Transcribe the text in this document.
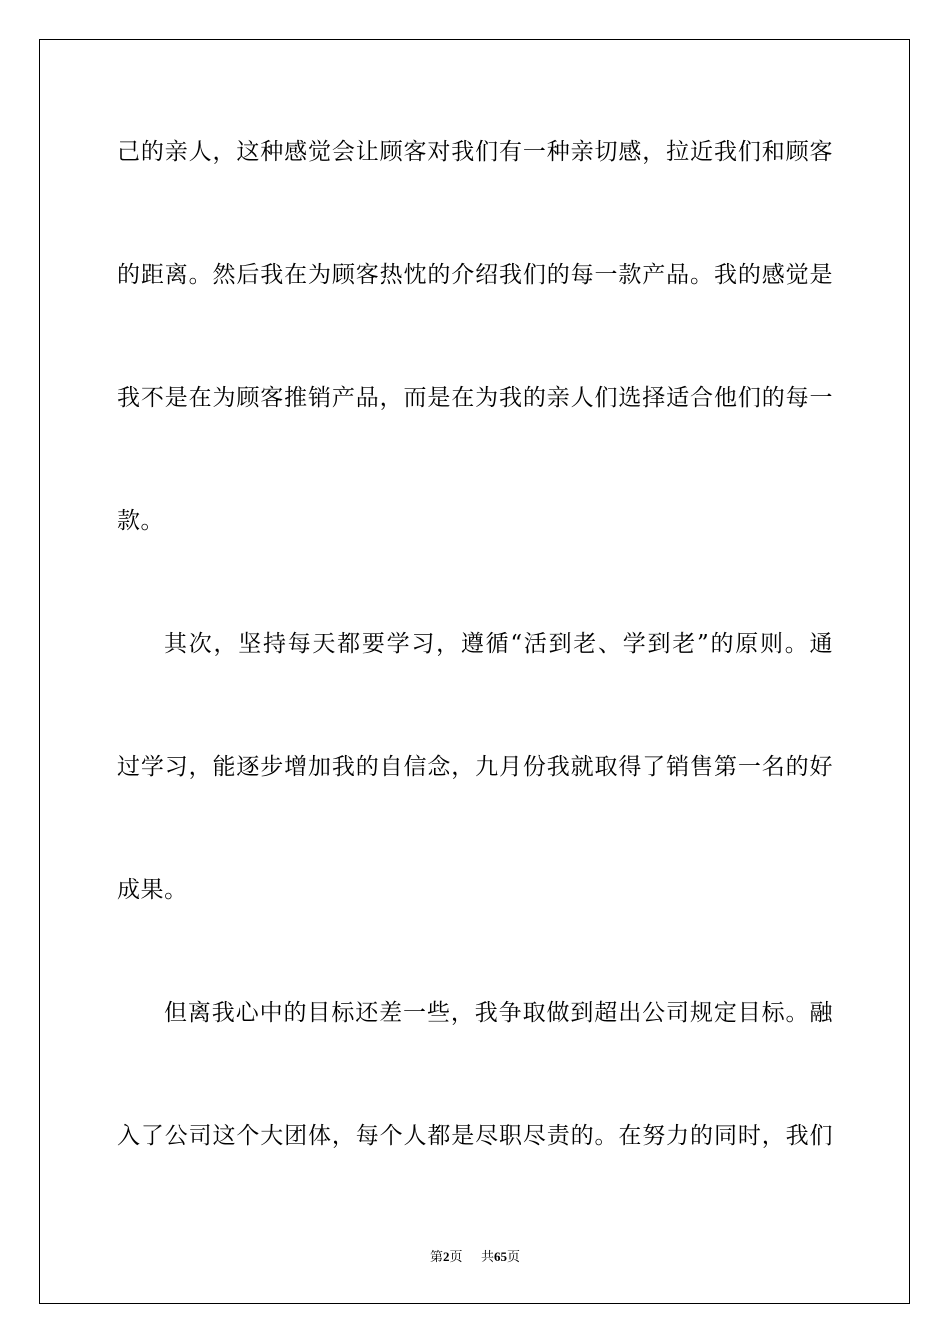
己的亲人，这种感觉会让顾客对我们有一种亲切感，拉近我们和顾客
的距离。然后我在为顾客热忱的介绍我们的每一款产品。我的感觉是
我不是在为顾客推销产品，而是在为我的亲人们选择适合他们的每一
款。
其次，坚持每天都要学习，遵循“活到老、学到老”的原则。通
过学习，能逐步增加我的自信念，九月份我就取得了销售第一名的好
成果。
但离我心中的目标还差一些，我争取做到超出公司规定目标。融
入了公司这个大团体，每个人都是尽职尽责的。在努力的同时，我们
第2页 共65页
